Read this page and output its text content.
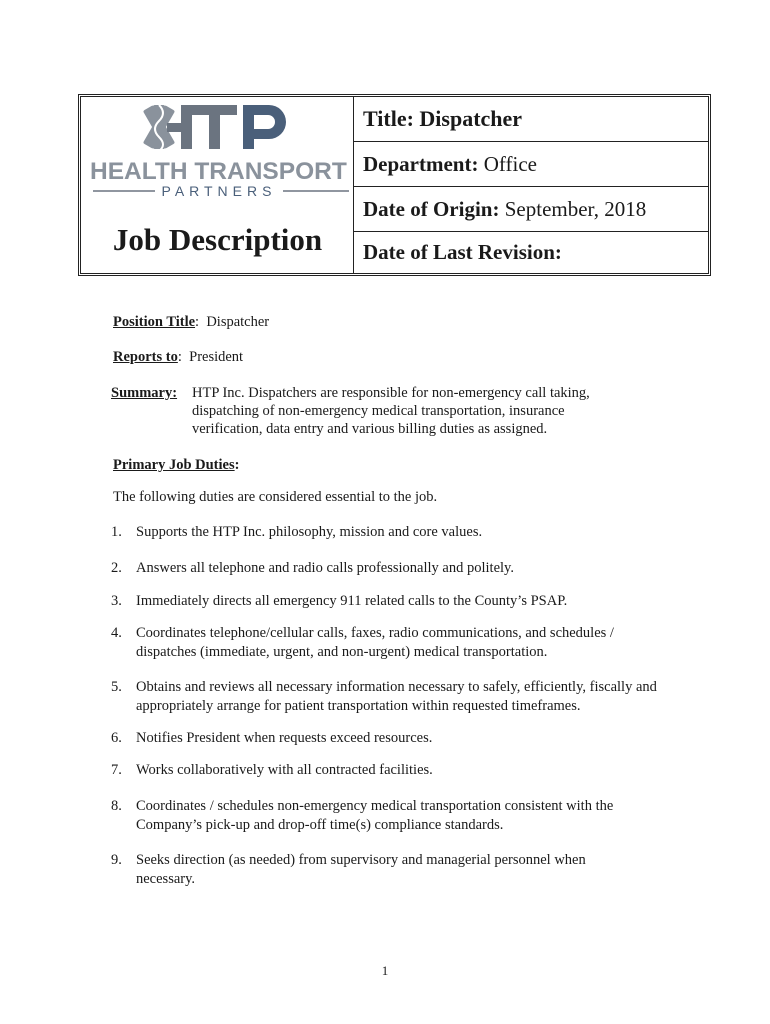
HEALTH TRANSPORT
PARTNERS
Job Description
Title:
Dispatcher
Department:
Office
Date of Origin:
September, 2018
Date of Last Revision:

Position Title:  Dispatcher
Reports to:  President
Summary: HTP Inc. Dispatchers are responsible for non-emergency call taking,
dispatching of non-emergency medical transportation, insurance
verification, data entry and various billing duties as assigned.
Primary Job Duties:
The following duties are considered essential to the job.
1. Supports the HTP Inc. philosophy, mission and core values.
2. Answers all telephone and radio calls professionally and politely.
3. Immediately directs all emergency 911 related calls to the County’s PSAP.
4. Coordinates telephone/cellular calls, faxes, radio communications, and schedules / dispatches (immediate, urgent, and non-urgent) medical transportation.
5. Obtains and reviews all necessary information necessary to safely, efficiently, fiscally and appropriately arrange for patient transportation within requested timeframes.
6. Notifies President when requests exceed resources.
7. Works collaboratively with all contracted facilities.
8. Coordinates / schedules non-emergency medical transportation consistent with the Company’s pick-up and drop-off time(s) compliance standards.
9. Seeks direction (as needed) from supervisory and managerial personnel when necessary.
1
